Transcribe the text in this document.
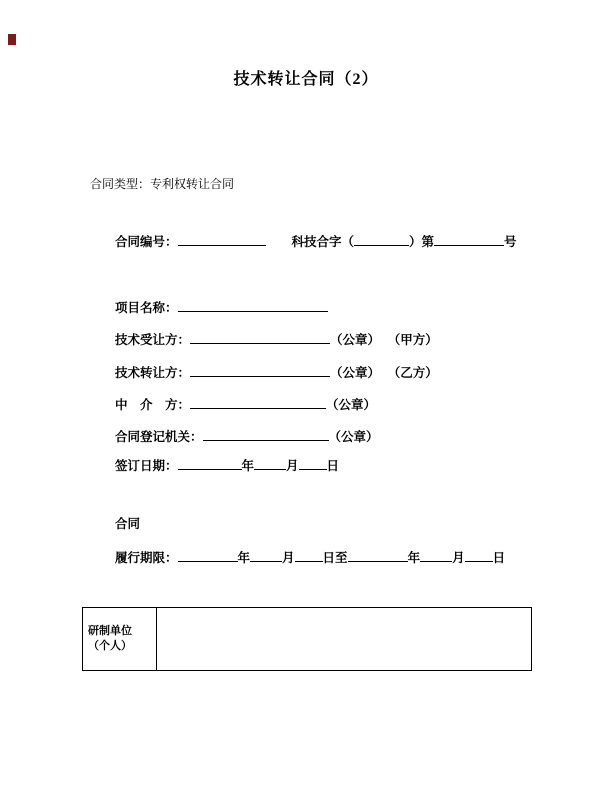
技术转让合同（2）

合同类型：专利权转让合同

合同编号：	科技合字（	）第	号

项目名称：

技术受让方：	（公章） （甲方）

技术转让方：	（公章） （乙方）

中　介　方：	（公章）

合同登记机关：	（公章）

签订日期：	年	月 日

合同

履行期限：	年	月 日至	年	月 日

研制单位
（个人）
